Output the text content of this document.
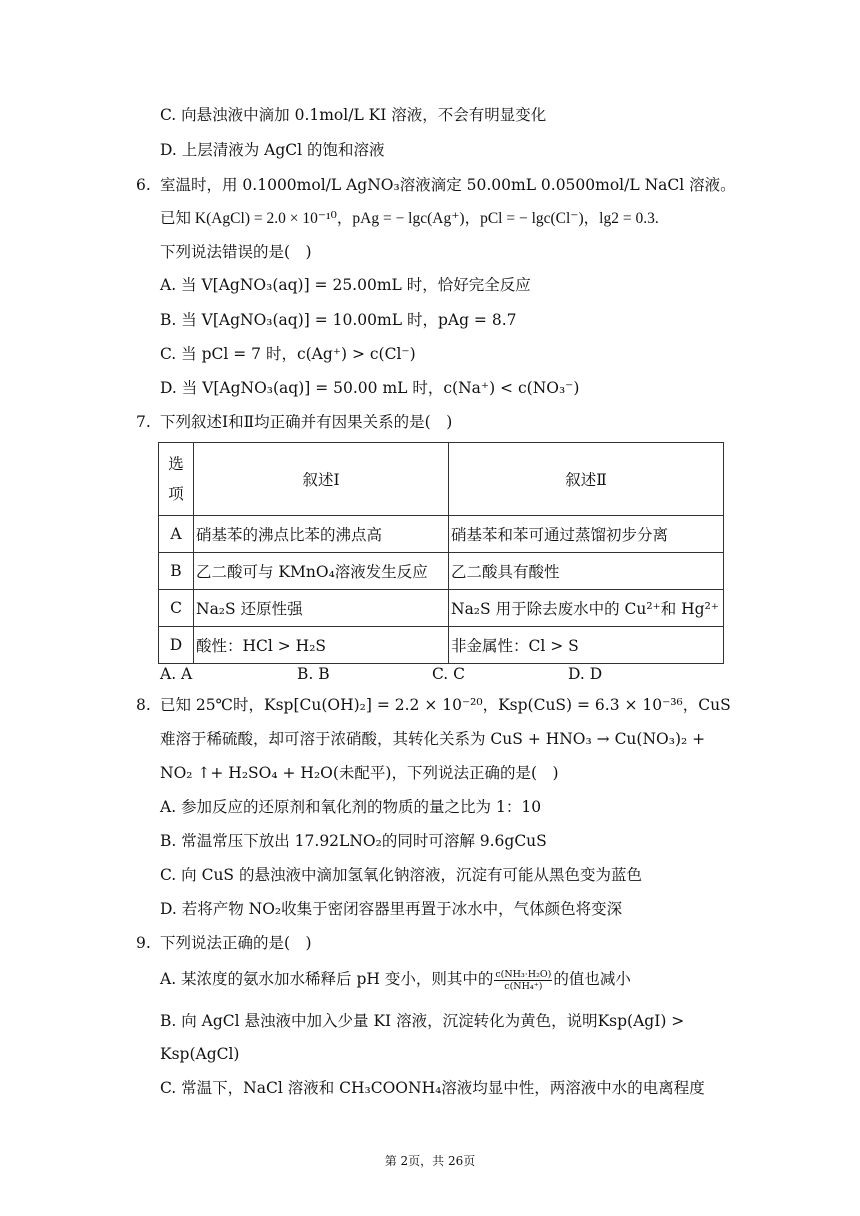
C. 向悬浊液中滴加 0.1mol/L KI 溶液，不会有明显变化
D. 上层清液为 AgCl 的饱和溶液
6. 室温时，用 0.1000mol/L AgNO₃溶液滴定 50.00mL 0.0500mol/L NaCl 溶液。
已知 K(AgCl) = 2.0 × 10⁻¹⁰，pAg = − lgc(Ag⁺)，pCl = − lgc(Cl⁻)，lg2 = 0.3.
下列说法错误的是(　)
A. 当 V[AgNO₃(aq)] = 25.00mL 时，恰好完全反应
B. 当 V[AgNO₃(aq)] = 10.00mL 时，pAg = 8.7
C. 当 pCl = 7 时，c(Ag⁺) > c(Cl⁻)
D. 当 V[AgNO₃(aq)] = 50.00 mL 时，c(Na⁺) < c(NO₃⁻)
7. 下列叙述Ⅰ和Ⅱ均正确并有因果关系的是(　)
选项	叙述Ⅰ	叙述Ⅱ
A	硝基苯的沸点比苯的沸点高	硝基苯和苯可通过蒸馏初步分离
B	乙二酸可与 KMnO₄溶液发生反应	乙二酸具有酸性
C	Na₂S 还原性强	Na₂S 用于除去废水中的 Cu²⁺和 Hg²⁺
D	酸性：HCl > H₂S	非金属性：Cl > S
A. A	B. B	C. C	D. D
8. 已知 25℃时，Ksp[Cu(OH)₂] = 2.2 × 10⁻²⁰，Ksp(CuS) = 6.3 × 10⁻³⁶，CuS
难溶于稀硫酸，却可溶于浓硝酸，其转化关系为 CuS + HNO₃ → Cu(NO₃)₂ +
NO₂ ↑+ H₂SO₄ + H₂O(未配平)，下列说法正确的是(　)
A. 参加反应的还原剂和氧化剂的物质的量之比为 1：10
B. 常温常压下放出 17.92LNO₂的同时可溶解 9.6gCuS
C. 向 CuS 的悬浊液中滴加氢氧化钠溶液，沉淀有可能从黑色变为蓝色
D. 若将产物 NO₂收集于密闭容器里再置于冰水中，气体颜色将变深
9. 下列说法正确的是(　)
A. 某浓度的氨水加水稀释后 pH 变小，则其中的 $\frac{\text{c(NH₃·H₂O)}}{\text{c(NH₄⁺)}}$ 的值也减小
B. 向 AgCl 悬浊液中加入少量 KI 溶液，沉淀转化为黄色，说明Ksp(AgI) >
Ksp(AgCl)
C. 常温下，NaCl 溶液和 CH₃COONH₄溶液均显中性，两溶液中水的电离程度
第 2页，共 26页
